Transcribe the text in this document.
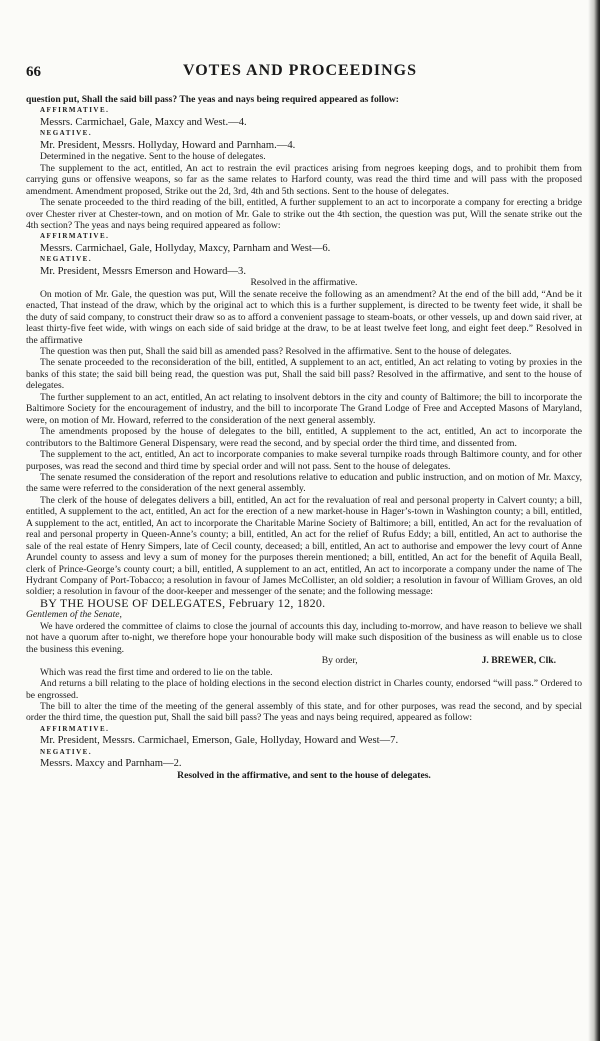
66	VOTES AND PROCEEDINGS

question put, Shall the said bill pass? The yeas and nays being required appeared as follow:

AFFIRMATIVE.

Messrs. Carmichael, Gale, Maxcy and West.—4.

NEGATIVE.

Mr. President, Messrs. Hollyday, Howard and Parnham.—4.

Determined in the negative. Sent to the house of delegates.

The supplement to the act, entitled, An act to restrain the evil practices arising from negroes keeping dogs, and to prohibit them from carrying guns or offensive weapons, so far as the same relates to Harford county, was read the third time and will pass with the proposed amendment. Amendment proposed, Strike out the 2d, 3rd, 4th and 5th sections. Sent to the house of delegates.

The senate proceeded to the third reading of the bill, entitled, A further supplement to an act to incorporate a company for erecting a bridge over Chester river at Chester-town, and on motion of Mr. Gale to strike out the 4th section, the question was put, Will the senate strike out the 4th section? The yeas and nays being required appeared as follow:

AFFIRMATIVE.

Messrs. Carmichael, Gale, Hollyday, Maxcy, Parnham and West—6.

NEGATIVE.

Mr. President, Messrs Emerson and Howard—3.

Resolved in the affirmative.

On motion of Mr. Gale, the question was put, Will the senate receive the following as an amendment? At the end of the bill add, “And be it enacted, That instead of the draw, which by the original act to which this is a further supplement, is directed to be twenty feet wide, it shall be the duty of said company, to construct their draw so as to afford a convenient passage to steam-boats, or other vessels, up and down said river, at least thirty-five feet wide, with wings on each side of said bridge at the draw, to be at least twelve feet long, and eight feet deep.” Resolved in the affirmative

The question was then put, Shall the said bill as amended pass? Resolved in the affirmative. Sent to the house of delegates.

The senate proceeded to the reconsideration of the bill, entitled, A supplement to an act, entitled, An act relating to voting by proxies in the banks of this state; the said bill being read, the question was put, Shall the said bill pass? Resolved in the affirmative, and sent to the house of delegates.

The further supplement to an act, entitled, An act relating to insolvent debtors in the city and county of Baltimore; the bill to incorporate the Baltimore Society for the encouragement of industry, and the bill to incorporate The Grand Lodge of Free and Accepted Masons of Maryland, were, on motion of Mr. Howard, referred to the consideration of the next general assembly.

The amendments proposed by the house of delegates to the bill, entitled, A supplement to the act, entitled, An act to incorporate the contributors to the Baltimore General Dispensary, were read the second, and by special order the third time, and dissented from.

The supplement to the act, entitled, An act to incorporate companies to make several turnpike roads through Baltimore county, and for other purposes, was read the second and third time by special order and will not pass. Sent to the house of delegates.

The senate resumed the consideration of the report and resolutions relative to education and public instruction, and on motion of Mr. Maxcy, the same were referred to the consideration of the next general assembly.

The clerk of the house of delegates delivers a bill, entitled, An act for the revaluation of real and personal property in Calvert county; a bill, entitled, A supplement to the act, entitled, An act for the erection of a new market-house in Hager’s-town in Washington county; a bill, entitled, A supplement to the act, entitled, An act to incorporate the Charitable Marine Society of Baltimore; a bill, entitled, An act for the revaluation of real and personal property in Queen-Anne’s county; a bill, entitled, An act for the relief of Rufus Eddy; a bill, entitled, An act to authorise the sale of the real estate of Henry Simpers, late of Cecil county, deceased; a bill, entitled, An act to authorise and empower the levy court of Anne Arundel county to assess and levy a sum of money for the purposes therein mentioned; a bill, entitled, An act for the benefit of Aquila Beall, clerk of Prince-George’s county court; a bill, entitled, A supplement to an act, entitled, An act to incorporate a company under the name of The Hydrant Company of Port-Tobacco; a resolution in favour of James McCollister, an old soldier; a resolution in favour of William Groves, an old soldier; a resolution in favour of the door-keeper and messenger of the senate; and the following message:

BY THE HOUSE OF DELEGATES, February 12, 1820.

Gentlemen of the Senate,

We have ordered the committee of claims to close the journal of accounts this day, including to-morrow, and have reason to believe we shall not have a quorum after to-night, we therefore hope your honourable body will make such disposition of the business as will enable us to close the business this evening.

By order,	J. BREWER, Clk.

Which was read the first time and ordered to lie on the table.

And returns a bill relating to the place of holding elections in the second election district in Charles county, endorsed “will pass.” Ordered to be engrossed.

The bill to alter the time of the meeting of the general assembly of this state, and for other purposes, was read the second, and by special order the third time, the question put, Shall the said bill pass? The yeas and nays being required, appeared as follow:

AFFIRMATIVE.

Mr. President, Messrs. Carmichael, Emerson, Gale, Hollyday, Howard and West—7.

NEGATIVE.

Messrs. Maxcy and Parnham—2.

Resolved in the affirmative, and sent to the house of delegates.
